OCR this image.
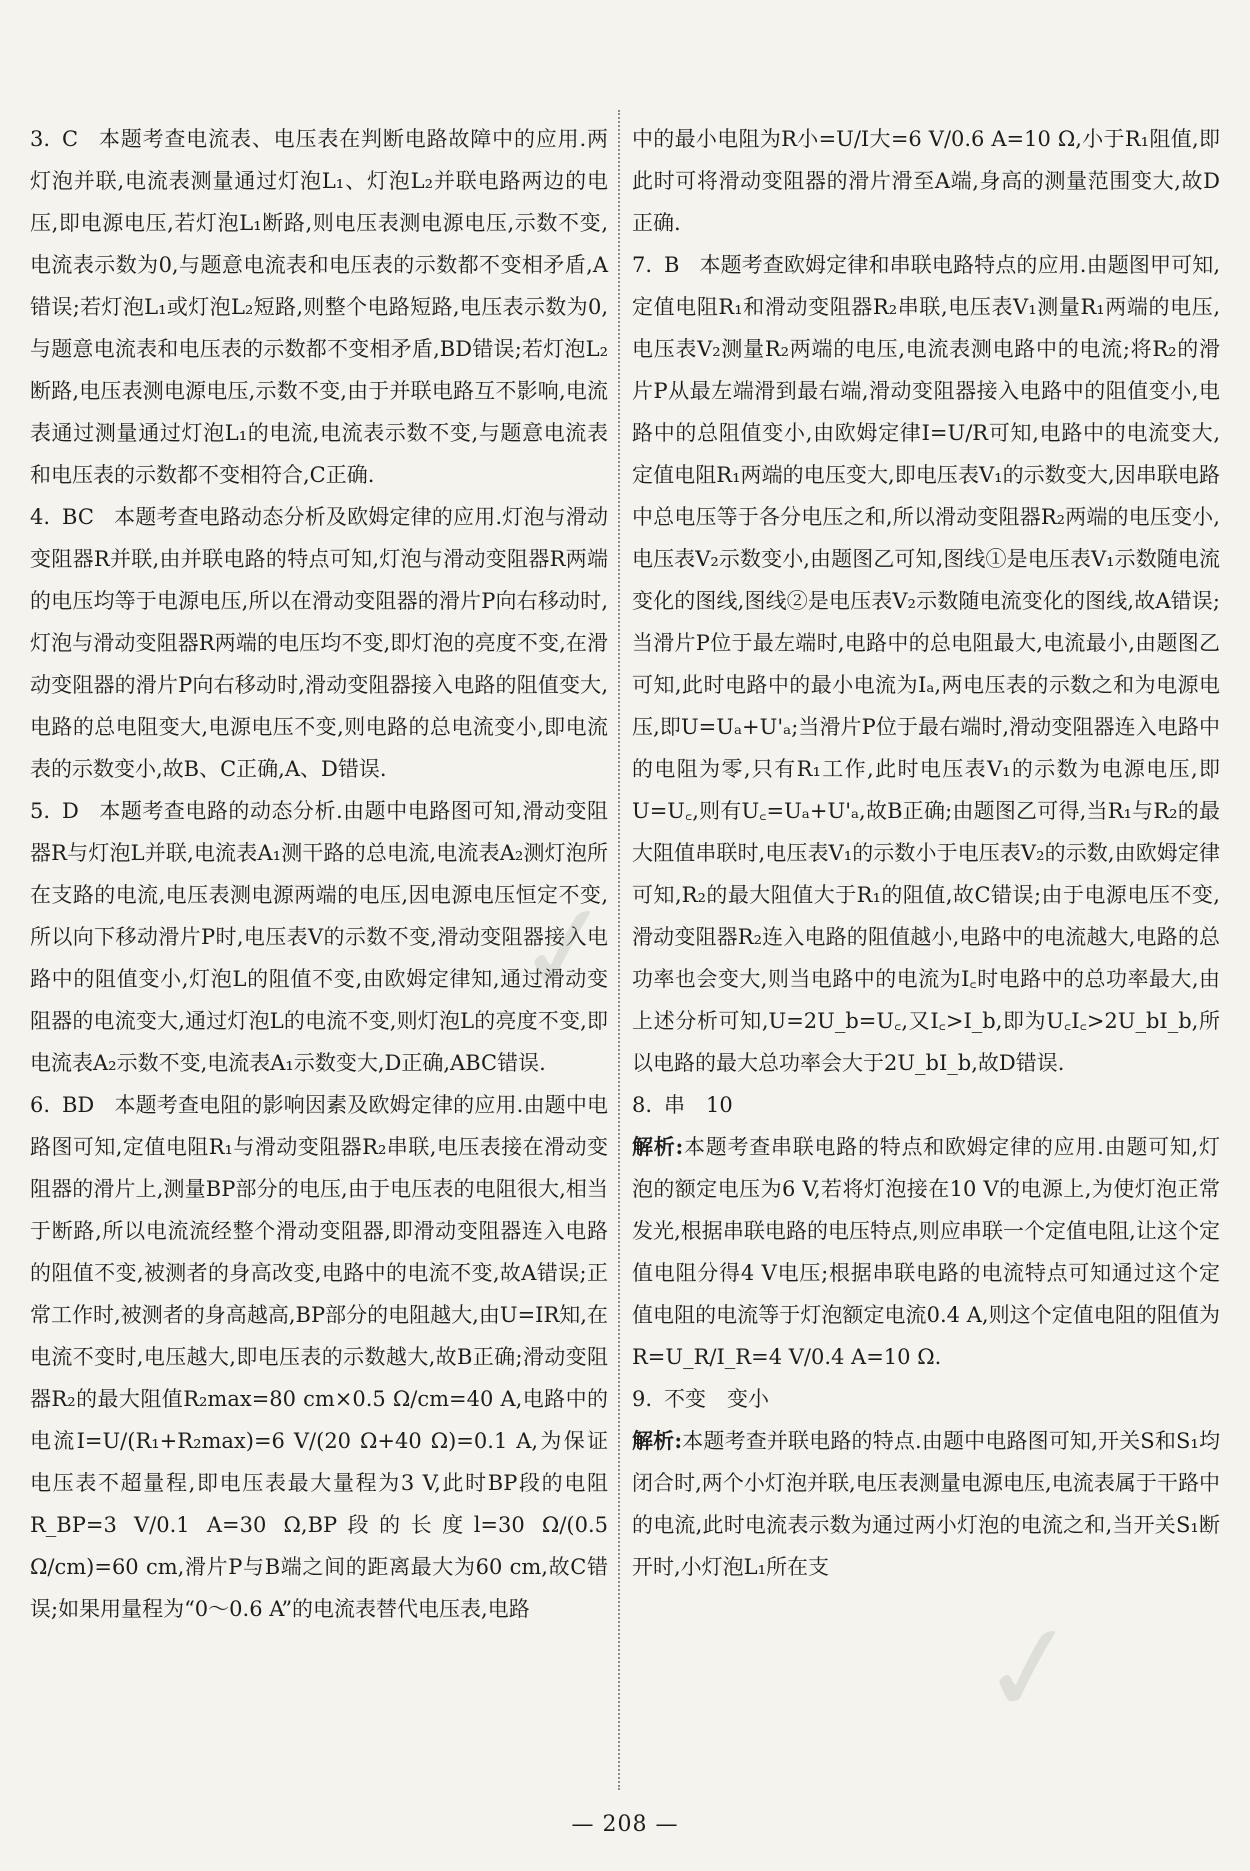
3. C 本题考查电流表、电压表在判断电路故障中的应用.两灯泡并联,电流表测量通过灯泡L₁、灯泡L₂并联电路两边的电压,即电源电压,若灯泡L₁断路,则电压表测电源电压,示数不变,电流表示数为0,与题意电流表和电压表的示数都不变相矛盾,A错误;若灯泡L₁或灯泡L₂短路,则整个电路短路,电压表示数为0,与题意电流表和电压表的示数都不变相矛盾,BD错误;若灯泡L₂断路,电压表测电源电压,示数不变,由于并联电路互不影响,电流表通过测量通过灯泡L₁的电流,电流表示数不变,与题意电流表和电压表的示数都不变相符合,C正确.

4. BC 本题考查电路动态分析及欧姆定律的应用.灯泡与滑动变阻器R并联,由并联电路的特点可知,灯泡与滑动变阻器R两端的电压均等于电源电压,所以在滑动变阻器的滑片P向右移动时,灯泡与滑动变阻器R两端的电压均不变,即灯泡的亮度不变,在滑动变阻器的滑片P向右移动时,滑动变阻器接入电路的阻值变大,电路的总电阻变大,电源电压不变,则电路的总电流变小,即电流表的示数变小,故B、C正确,A、D错误.

5. D 本题考查电路的动态分析.由题中电路图可知,滑动变阻器R与灯泡L并联,电流表A₁测干路的总电流,电流表A₂测灯泡所在支路的电流,电压表测电源两端的电压,因电源电压恒定不变,所以向下移动滑片P时,电压表V的示数不变,滑动变阻器接入电路中的阻值变小,灯泡L的阻值不变,由欧姆定律知,通过滑动变阻器的电流变大,通过灯泡L的电流不变,则灯泡L的亮度不变,即电流表A₂示数不变,电流表A₁示数变大,D正确,ABC错误.

6. BD 本题考查电阻的影响因素及欧姆定律的应用.由题中电路图可知,定值电阻R₁与滑动变阻器R₂串联,电压表接在滑动变阻器的滑片上,测量BP部分的电压,由于电压表的电阻很大,相当于断路,所以电流流经整个滑动变阻器,即滑动变阻器连入电路的阻值不变,被测者的身高改变,电路中的电流不变,故A错误;正常工作时,被测者的身高越高,BP部分的电阻越大,由U=IR知,在电流不变时,电压越大,即电压表的示数越大,故B正确;滑动变阻器R₂的最大阻值R₂max=80 cm×0.5 Ω/cm=40 A,电路中的电流I=U/(R₁+R₂max)=6 V/(20 Ω+40 Ω)=0.1 A,为保证电压表不超量程,即电压表最大量程为3 V,此时BP段的电阻R_BP=3 V/0.1 A=30 Ω,BP段的长度l=30 Ω/(0.5 Ω/cm)=60 cm,滑片P与B端之间的距离最大为60 cm,故C错误;如果用量程为“0～0.6 A”的电流表替代电压表,电路

中的最小电阻为R小=U/I大=6 V/0.6 A=10 Ω,小于R₁阻值,即此时可将滑动变阻器的滑片滑至A端,身高的测量范围变大,故D正确.

7. B 本题考查欧姆定律和串联电路特点的应用.由题图甲可知,定值电阻R₁和滑动变阻器R₂串联,电压表V₁测量R₁两端的电压,电压表V₂测量R₂两端的电压,电流表测电路中的电流;将R₂的滑片P从最左端滑到最右端,滑动变阻器接入电路中的阻值变小,电路中的总阻值变小,由欧姆定律I=U/R可知,电路中的电流变大,定值电阻R₁两端的电压变大,即电压表V₁的示数变大,因串联电路中总电压等于各分电压之和,所以滑动变阻器R₂两端的电压变小,电压表V₂示数变小,由题图乙可知,图线①是电压表V₁示数随电流变化的图线,图线②是电压表V₂示数随电流变化的图线,故A错误;当滑片P位于最左端时,电路中的总电阻最大,电流最小,由题图乙可知,此时电路中的最小电流为Iₐ,两电压表的示数之和为电源电压,即U=Uₐ+U'ₐ;当滑片P位于最右端时,滑动变阻器连入电路中的电阻为零,只有R₁工作,此时电压表V₁的示数为电源电压,即U=U꜀,则有U꜀=Uₐ+U'ₐ,故B正确;由题图乙可得,当R₁与R₂的最大阻值串联时,电压表V₁的示数小于电压表V₂的示数,由欧姆定律可知,R₂的最大阻值大于R₁的阻值,故C错误;由于电源电压不变,滑动变阻器R₂连入电路的阻值越小,电路中的电流越大,电路的总功率也会变大,则当电路中的电流为I꜀时电路中的总功率最大,由上述分析可知,U=2U_b=U꜀,又I꜀>I_b,即为U꜀I꜀>2U_bI_b,所以电路的最大总功率会大于2U_bI_b,故D错误.

8. 串　10

解析:本题考查串联电路的特点和欧姆定律的应用.由题可知,灯泡的额定电压为6 V,若将灯泡接在10 V的电源上,为使灯泡正常发光,根据串联电路的电压特点,则应串联一个定值电阻,让这个定值电阻分得4 V电压;根据串联电路的电流特点可知通过这个定值电阻的电流等于灯泡额定电流0.4 A,则这个定值电阻的阻值为R=U_R/I_R=4 V/0.4 A=10 Ω.

9. 不变　变小

解析:本题考查并联电路的特点.由题中电路图可知,开关S和S₁均闭合时,两个小灯泡并联,电压表测量电源电压,电流表属于干路中的电流,此时电流表示数为通过两小灯泡的电流之和,当开关S₁断开时,小灯泡L₁所在支

— 208 —
✓
✓
